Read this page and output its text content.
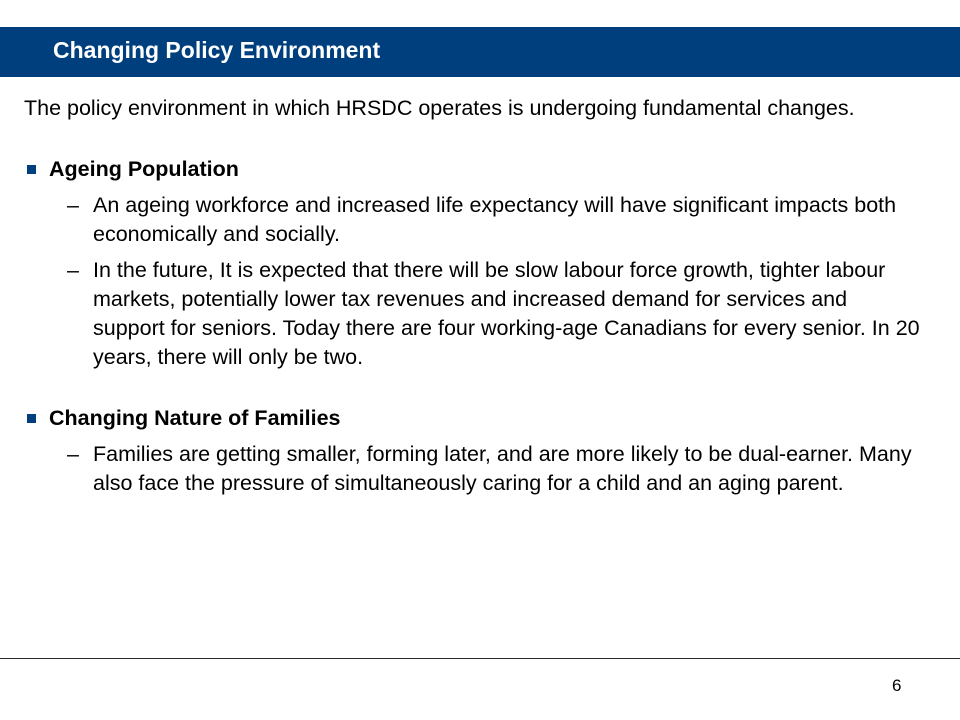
Changing Policy Environment

The policy environment in which HRSDC operates is undergoing fundamental changes.

Ageing Population
– An ageing workforce and increased life expectancy will have significant impacts both economically and socially.
– In the future, It is expected that there will be slow labour force growth, tighter labour markets, potentially lower tax revenues and increased demand for services and support for seniors. Today there are four working-age Canadians for every senior. In 20 years, there will only be two.
Changing Nature of Families
– Families are getting smaller, forming later, and are more likely to be dual-earner. Many also face the pressure of simultaneously caring for a child and an aging parent.
6
